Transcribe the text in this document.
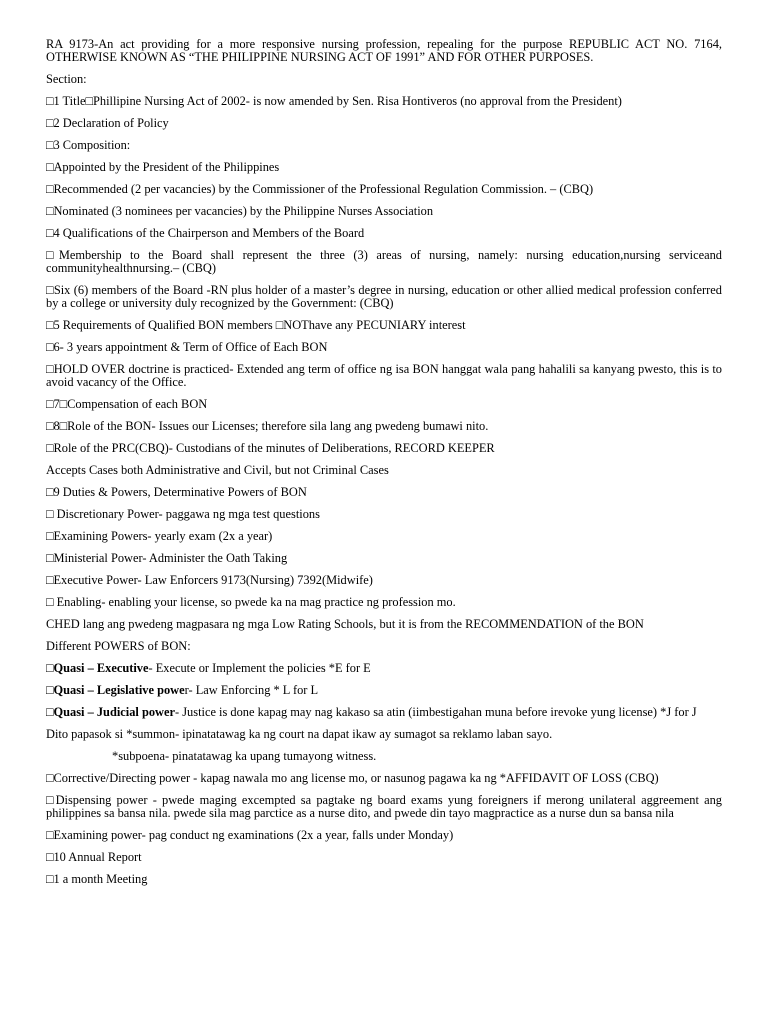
RA 9173-An act providing for a more responsive nursing profession, repealing for the purpose REPUBLIC ACT NO. 7164, OTHERWISE KNOWN AS “THE PHILIPPINE NURSING ACT OF 1991” AND FOR OTHER PURPOSES.

Section:

□1 Title□Phillipine Nursing Act of 2002- is now amended by Sen. Risa Hontiveros (no approval from the President)

□2 Declaration of Policy

□3 Composition:

□Appointed by the President of the Philippines

□Recommended (2 per vacancies) by the Commissioner of the Professional Regulation Commission. – (CBQ)

□Nominated (3 nominees per vacancies) by the Philippine Nurses Association

□4 Qualifications of the Chairperson and Members of the Board

□Membership to the Board shall represent the three (3) areas of nursing, namely: nursing education,nursing serviceand communityhealthnursing.– (CBQ)

□Six (6) members of the Board -RN plus holder of a master’s degree in nursing, education or other allied medical profession conferred by a college or university duly recognized by the Government: (CBQ)

□5 Requirements of Qualified BON members □NOThave any PECUNIARY interest

□6- 3 years appointment & Term of Office of Each BON

□HOLD OVER doctrine is practiced- Extended ang term of office ng isa BON hanggat wala pang hahalili sa kanyang pwesto, this is to avoid vacancy of the Office.

□7□Compensation of each BON

□8□Role of the BON- Issues our Licenses; therefore sila lang ang pwedeng bumawi nito.

□Role of the PRC(CBQ)- Custodians of the minutes of Deliberations, RECORD KEEPER

Accepts Cases both Administrative and Civil, but not Criminal Cases

□9 Duties & Powers, Determinative Powers of BON

□ Discretionary Power- paggawa ng mga test questions

□Examining Powers- yearly exam (2x a year)

□Ministerial Power- Administer the Oath Taking

□Executive Power- Law Enforcers 9173(Nursing) 7392(Midwife)

□ Enabling- enabling your license, so pwede ka na mag practice ng profession mo.

CHED lang ang pwedeng magpasara ng mga Low Rating Schools, but it is from the RECOMMENDATION of the BON

Different POWERS of BON:

□Quasi – Executive- Execute or Implement the policies *E for E

□Quasi – Legislative power- Law Enforcing * L for L

□Quasi – Judicial power- Justice is done kapag may nag kakaso sa atin (iimbestigahan muna before irevoke yung license) *J for J

Dito papasok si *summon- ipinatatawag ka ng court na dapat ikaw ay sumagot sa reklamo laban sayo.

*subpoena- pinatatawag ka upang tumayong witness.

□Corrective/Directing power - kapag nawala mo ang license mo, or nasunog pagawa ka ng *AFFIDAVIT OF LOSS (CBQ)

□Dispensing power - pwede maging excempted sa pagtake ng board exams yung foreigners if merong unilateral aggreement ang philippines sa bansa nila. pwede sila mag parctice as a nurse dito, and pwede din tayo magpractice as a nurse dun sa bansa nila

□Examining power- pag conduct ng examinations (2x a year, falls under Monday)

□10 Annual Report

□1 a month Meeting
